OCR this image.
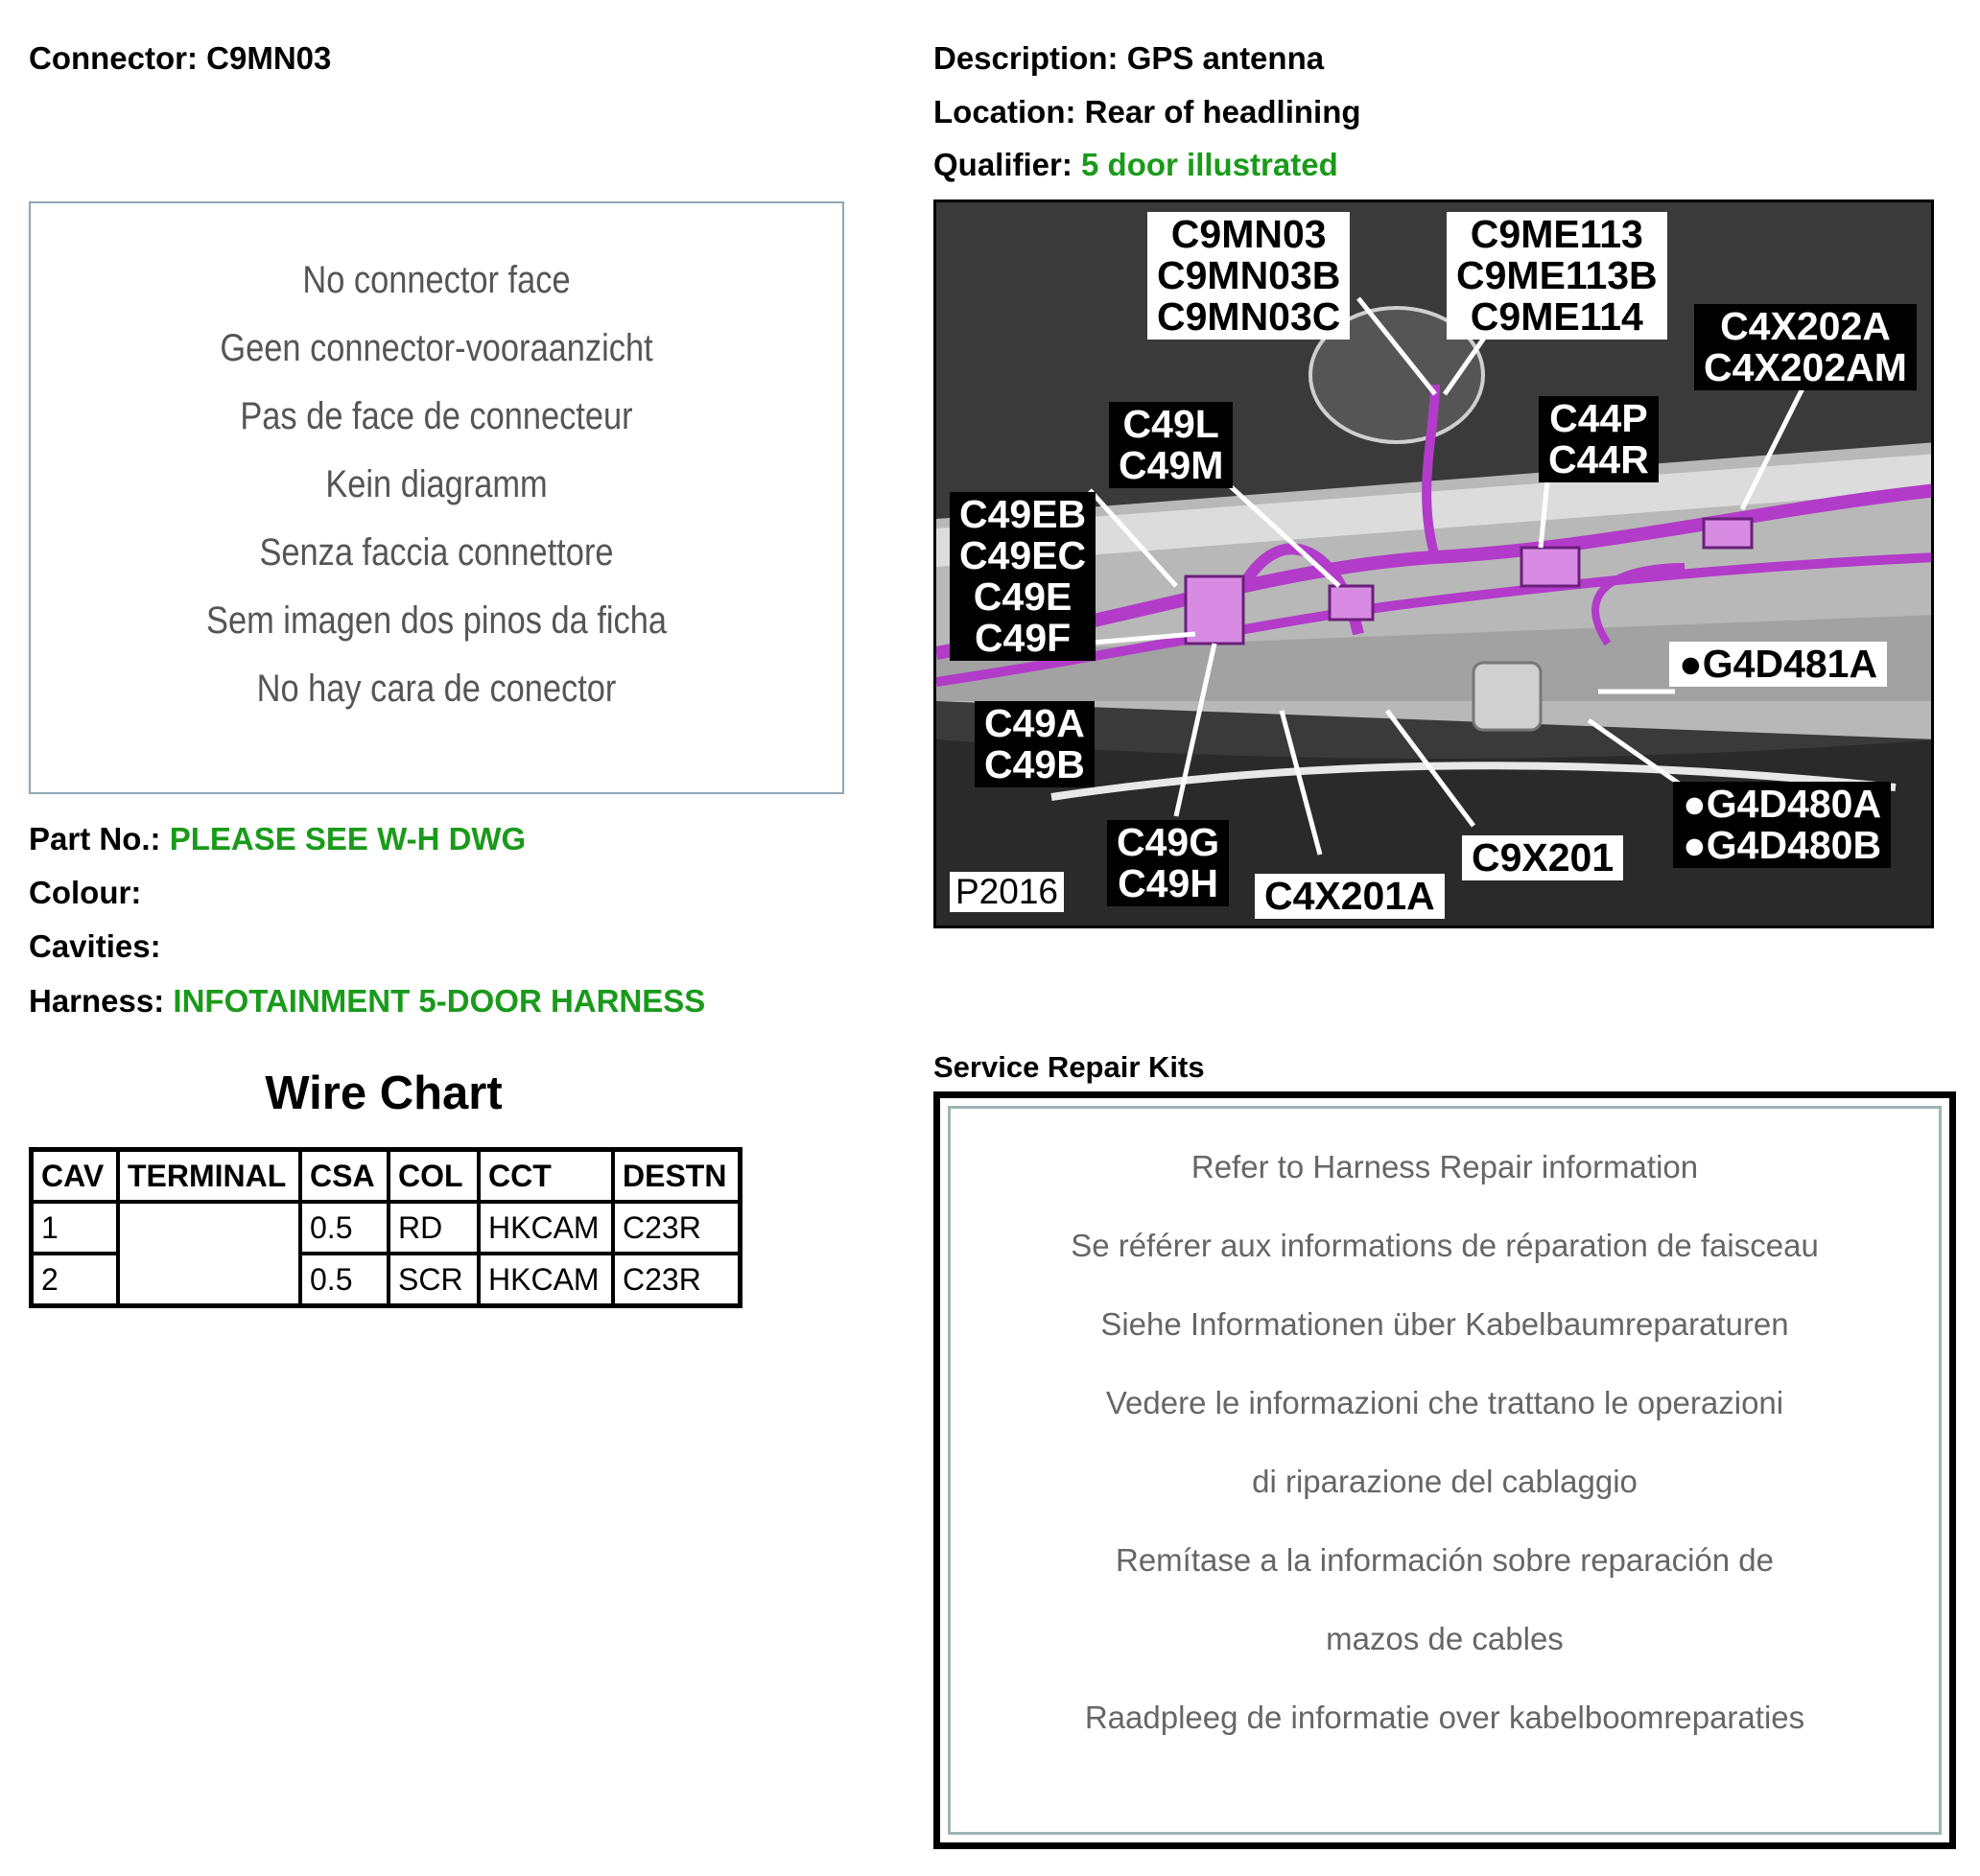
Connector: C9MN03	Description: GPS antenna
Location: Rear of headlining
Qualifier: 5 door illustrated
No connector face
Geen connector-vooraanzicht
Pas de face de connecteur
Kein diagramm
Senza faccia connettore
Sem imagen dos pinos da ficha
No hay cara de conector
Part No.: PLEASE SEE W-H DWG
Colour:
Cavities:
Harness: INFOTAINMENT 5-DOOR HARNESS
Wire Chart
CAV	TERMINAL	CSA	COL	CCT	DESTN
1		0.5	RD	HKCAM	C23R
2		0.5	SCR	HKCAM	C23R
C9MN03
C9MN03B
C9MN03C
C9ME113
C9ME113B
C9ME114	C4X202A
C4X202AM
C49L
C49M
C44P
C44R
C49EB
C49EC
C49E
C49F
●G4D481A
C49A
C49B
●G4D480A
●G4D480B
C49G
C49H
C9X201
C4X201A
P2016
Service Repair Kits
Refer to Harness Repair information
Se référer aux informations de réparation de faisceau
Siehe Informationen über Kabelbaumreparaturen
Vedere le informazioni che trattano le operazioni
di riparazione del cablaggio
Remítase a la información sobre reparación de
mazos de cables
Raadpleeg de informatie over kabelboomreparaties
